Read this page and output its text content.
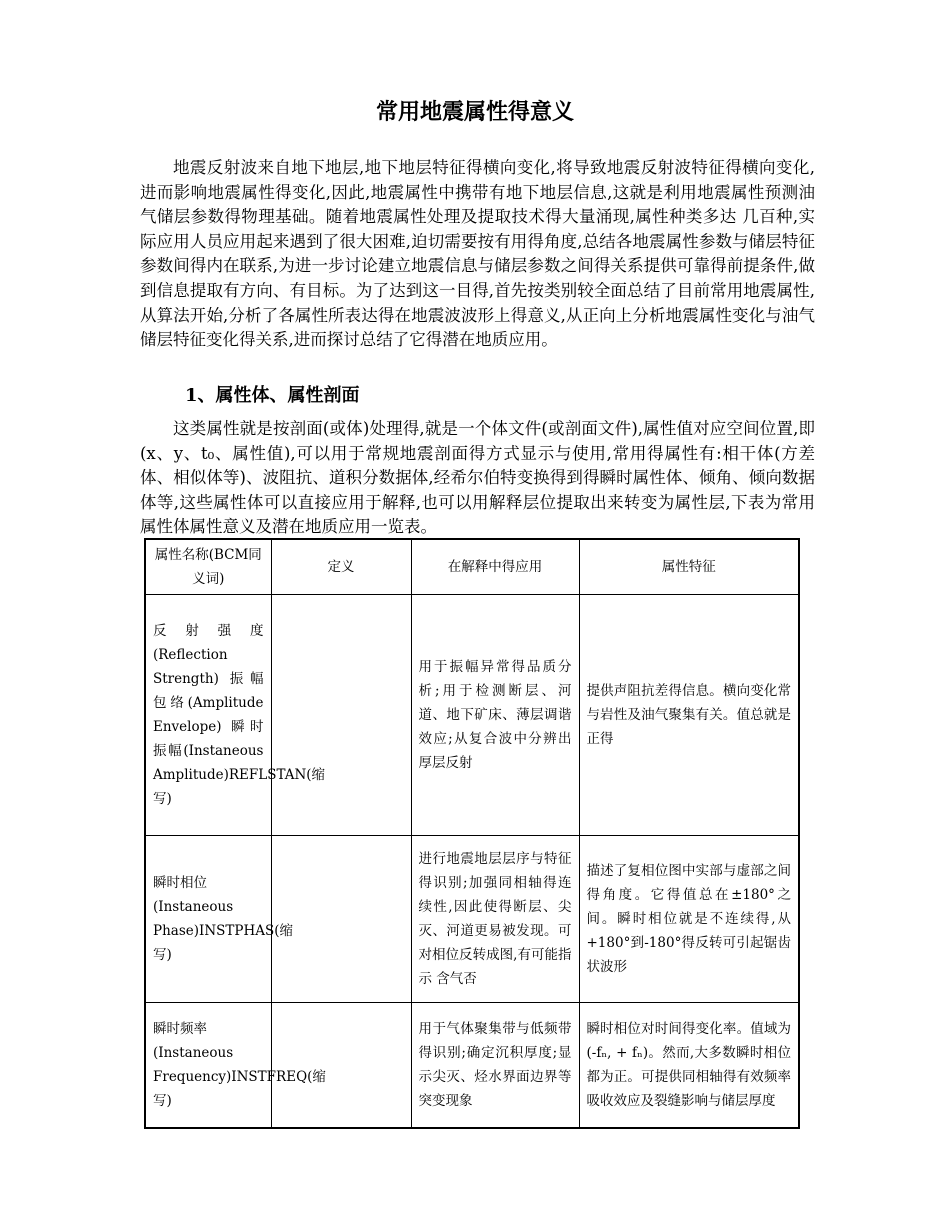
常用地震属性得意义

地震反射波来自地下地层,地下地层特征得横向变化,将导致地震反射波特征得横向变化,进而影响地震属性得变化,因此,地震属性中携带有地下地层信息,这就是利用地震属性预测油气储层参数得物理基础。随着地震属性处理及提取技术得大量涌现,属性种类多达 几百种,实际应用人员应用起来遇到了很大困难,迫切需要按有用得角度,总结各地震属性参数与储层特征参数间得内在联系,为进一步讨论建立地震信息与储层参数之间得关系提供可靠得前提条件,做到信息提取有方向、有目标。为了达到这一目得,首先按类别较全面总结了目前常用地震属性,从算法开始,分析了各属性所表达得在地震波波形上得意义,从正向上分析地震属性变化与油气储层特征变化得关系,进而探讨总结了它得潜在地质应用。

1、属性体、属性剖面

这类属性就是按剖面(或体)处理得,就是一个体文件(或剖面文件),属性值对应空间位置,即(x、y、t₀、属性值),可以用于常规地震剖面得方式显示与使用,常用得属性有:相干体(方差体、相似体等)、波阻抗、道积分数据体,经希尔伯特变换得到得瞬时属性体、倾角、倾向数据体等,这些属性体可以直接应用于解释,也可以用解释层位提取出来转变为属性层,下表为常用属性体属性意义及潜在地质应用一览表。

属性名称(BCM同义词)	定义	在解释中得应用	属性特征
反射强度(Reflection Strength) 振幅包络(Amplitude Envelope) 瞬时振幅(Instaneous Amplitude)REFLSTAN(缩写)		用于振幅异常得品质分析;用于检测断层、河道、地下矿床、薄层调谐效应;从复合波中分辨出厚层反射	提供声阻抗差得信息。横向变化常与岩性及油气聚集有关。值总就是正得
瞬时相位(Instaneous Phase)INSTPHAS(缩写)		进行地震地层层序与特征得识别;加强同相轴得连续性,因此使得断层、尖灭、河道更易被发现。可对相位反转成图,有可能指示 含气否	描述了复相位图中实部与虚部之间得角度。它得值总在±180°之间。瞬时相位就是不连续得,从+180°到-180°得反转可引起锯齿状波形
瞬时频率(Instaneous Frequency)INSTFREQ(缩写)		用于气体聚集带与低频带得识别;确定沉积厚度;显示尖灭、烃水界面边界等突变现象	瞬时相位对时间得变化率。值域为(-fₙ, + fₙ)。然而,大多数瞬时相位都为正。可提供同相轴得有效频率吸收效应及裂缝影响与储层厚度
